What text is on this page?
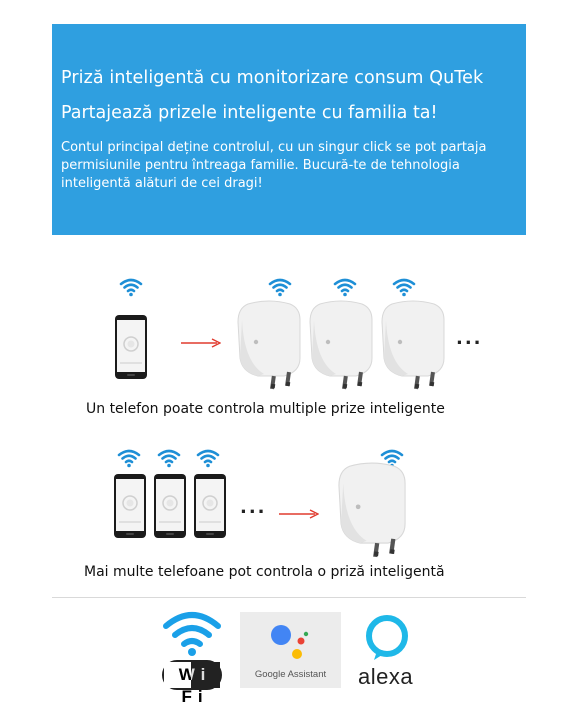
Priză inteligentă cu monitorizare consum QuTek
Partajează prizele inteligente cu familia ta!
Contul principal deține controlul, cu un singur click se pot partaja permisiunile pentru întreaga familie. Bucură-te de tehnologia inteligentă alături de cei dragi!
...
Un telefon poate controla multiple prize inteligente
...
Mai multe telefoane pot controla o priză inteligentă
Wi Fi
Google Assistant	alexa
